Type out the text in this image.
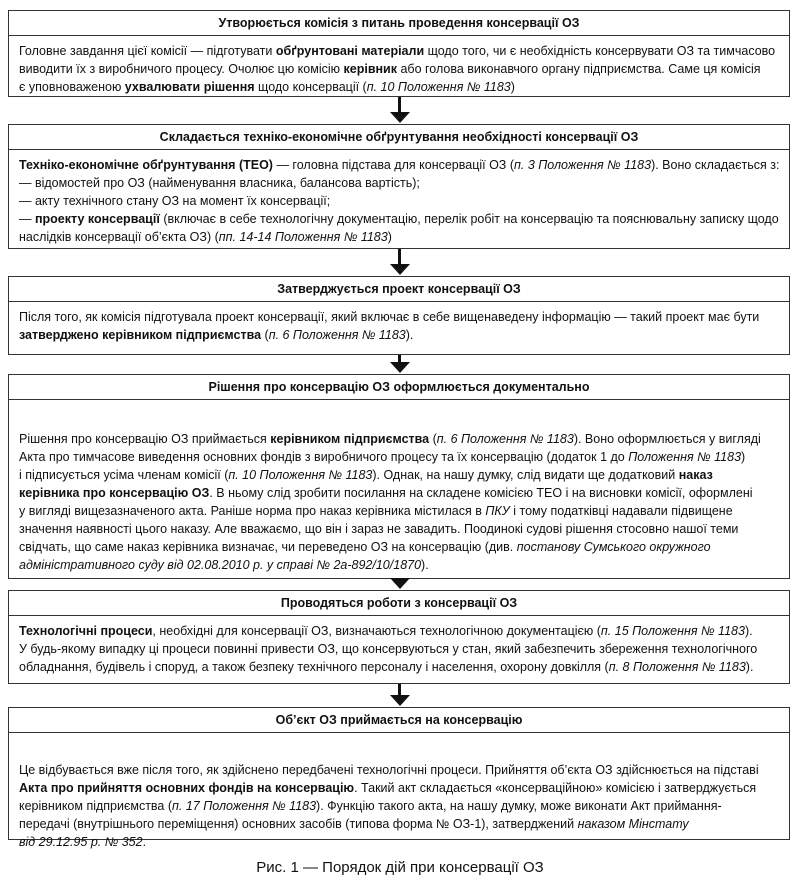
Рис. 1 — Порядок дій при консервації ОЗ
Утворюється комісія з питань проведення консервації ОЗ
Головне завдання цієї комісії — підготувати обґрунтовані матеріали щодо того, чи є необхідність консервувати ОЗ та тимчасово
виводити їх з виробничого процесу. Очолює цю комісію керівник або голова виконавчого органу підприємства. Саме ця комісія
є уповноваженою ухвалювати рішення щодо консервації (п. 10 Положення № 1183)
Складається техніко-економічне обґрунтування необхідності консервації ОЗ
Техніко-економічне обґрунтування (ТЕО) — головна підстава для консервації ОЗ (п. 3 Положення № 1183). Воно складається з:
— відомостей про ОЗ (найменування власника, балансова вартість);
— акту технічного стану ОЗ на момент їх консервації;
— проекту консервації (включає в себе технологічну документацію, перелік робіт на консервацію та пояснювальну записку щодо
наслідків консервації об’єкта ОЗ) (пп. 14-14 Положення № 1183)
Затверджується проект консервації ОЗ
Після того, як комісія підготувала проект консервації, який включає в себе вищенаведену інформацію — такий проект має бути
затверджено керівником підприємства (п. 6 Положення № 1183).
Рішення про консервацію ОЗ оформлюється документально
Рішення про консервацію ОЗ приймається керівником підприємства (п. 6 Положення № 1183). Воно оформлюється у вигляді
Акта про тимчасове виведення основних фондів з виробничого процесу та їх консервацію (додаток 1 до Положення № 1183)
і підписується усіма членам комісії (п. 10 Положення № 1183). Однак, на нашу думку, слід видати ще додатковий наказ
керівника про консервацію ОЗ. В ньому слід зробити посилання на складене комісією ТЕО і на висновки комісії, оформлені
у вигляді вищезазначеного акта. Раніше норма про наказ керівника містилася в ПКУ і тому податківці надавали підвищене
значення наявності цього наказу. Але вважаємо, що він і зараз не завадить. Поодинокі судові рішення стосовно нашої теми
свідчать, що саме наказ керівника визначає, чи переведено ОЗ на консервацію (див. постанову Сумського окружного
адміністративного суду від 02.08.2010 р. у справі № 2а-892/10/1870).
Проводяться роботи з консервації ОЗ
Технологічні процеси, необхідні для консервації ОЗ, визначаються технологічною документацією (п. 15 Положення № 1183).
У будь-якому випадку ці процеси повинні привести ОЗ, що консервуються у стан, який забезпечить збереження технологічного
обладнання, будівель і споруд, а також безпеку технічного персоналу і населення, охорону довкілля (п. 8 Положення № 1183).
Об’єкт ОЗ приймається на консервацію
Це відбувається вже після того, як здійснено передбачені технологічні процеси. Прийняття об’єкта ОЗ здійснюється на підставі
Акта про прийняття основних фондів на консервацію. Такий акт складається «консерваційною» комісією і затверджується
керівником підприємства (п. 17 Положення № 1183). Функцію такого акта, на нашу думку, може виконати Акт приймання-
передачі (внутрішнього переміщення) основних засобів (типова форма № ОЗ-1), затверджений наказом Мінстату
від 29.12.95 р. № 352.
